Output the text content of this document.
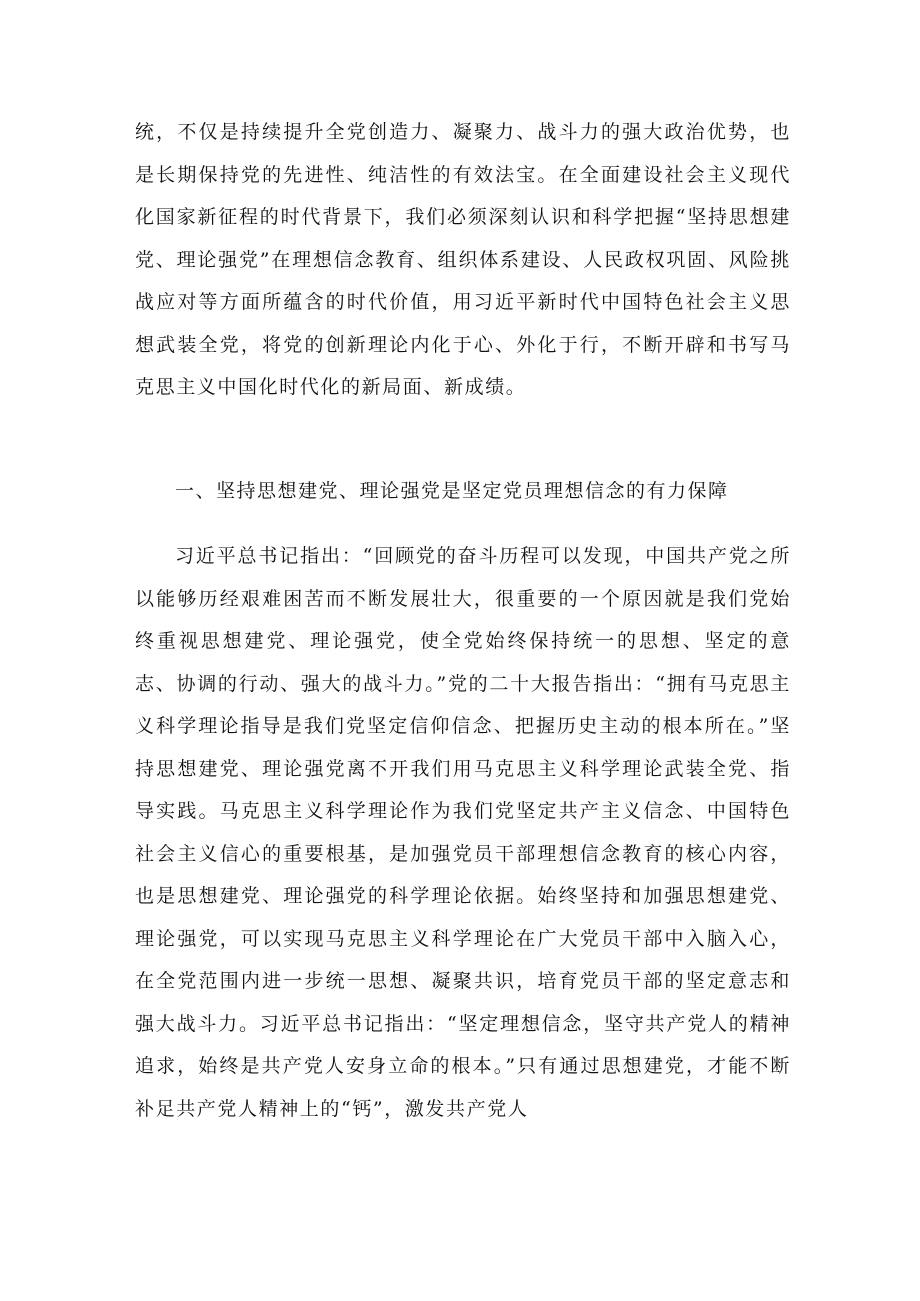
统，不仅是持续提升全党创造力、凝聚力、战斗力的强大政治优势，也是长期保持党的先进性、纯洁性的有效法宝。在全面建设社会主义现代化国家新征程的时代背景下，我们必须深刻认识和科学把握“坚持思想建党、理论强党”在理想信念教育、组织体系建设、人民政权巩固、风险挑战应对等方面所蕴含的时代价值，用习近平新时代中国特色社会主义思想武装全党，将党的创新理论内化于心、外化于行，不断开辟和书写马克思主义中国化时代化的新局面、新成绩。

一、坚持思想建党、理论强党是坚定党员理想信念的有力保障

习近平总书记指出：“回顾党的奋斗历程可以发现，中国共产党之所以能够历经艰难困苦而不断发展壮大，很重要的一个原因就是我们党始终重视思想建党、理论强党，使全党始终保持统一的思想、坚定的意志、协调的行动、强大的战斗力。”党的二十大报告指出：“拥有马克思主义科学理论指导是我们党坚定信仰信念、把握历史主动的根本所在。”坚持思想建党、理论强党离不开我们用马克思主义科学理论武装全党、指导实践。马克思主义科学理论作为我们党坚定共产主义信念、中国特色社会主义信心的重要根基，是加强党员干部理想信念教育的核心内容，也是思想建党、理论强党的科学理论依据。始终坚持和加强思想建党、理论强党，可以实现马克思主义科学理论在广大党员干部中入脑入心，在全党范围内进一步统一思想、凝聚共识，培育党员干部的坚定意志和强大战斗力。习近平总书记指出：“坚定理想信念，坚守共产党人的精神追求，始终是共产党人安身立命的根本。”只有通过思想建党，才能不断补足共产党人精神上的“钙”，激发共产党人
